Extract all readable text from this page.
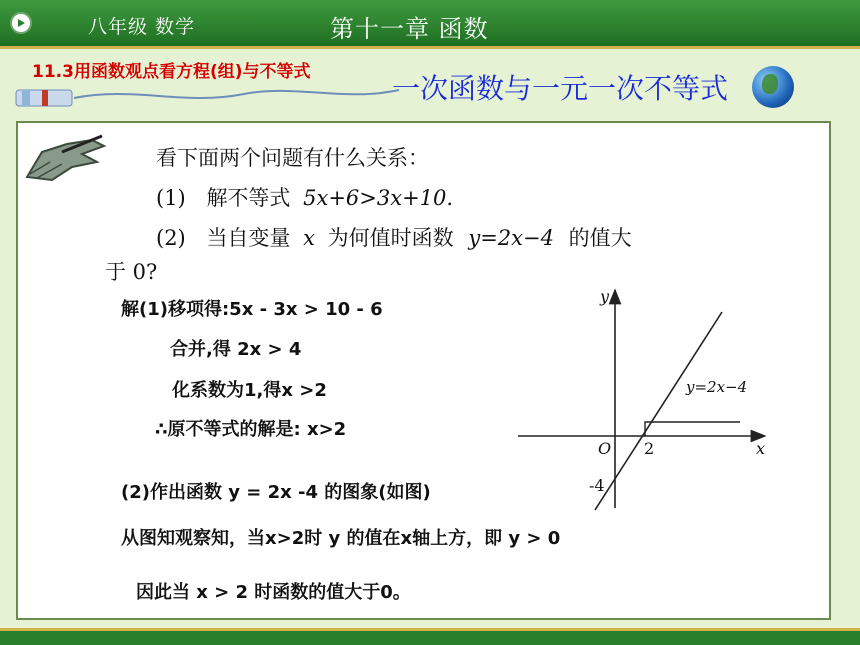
八年级 数学	第十一章 函数
11.3用函数观点看方程(组)与不等式	一次函数与一元一次不等式
看下面两个问题有什么关系：
(1) 解不等式 5x+6>3x+10.
(2) 当自变量 x 为何值时函数 y=2x−4 的值大
于 0?
解(1)移项得:5x - 3x > 10 - 6
合并,得 2x > 4
化系数为1,得x >2
∴原不等式的解是: x>2
(2)作出函数 y = 2x -4 的图象(如图)
从图知观察知，当x>2时 y 的值在x轴上方，即 y > 0
因此当 x > 2 时函数的值大于0。
y
x
O 2
-4
y=2x−4
